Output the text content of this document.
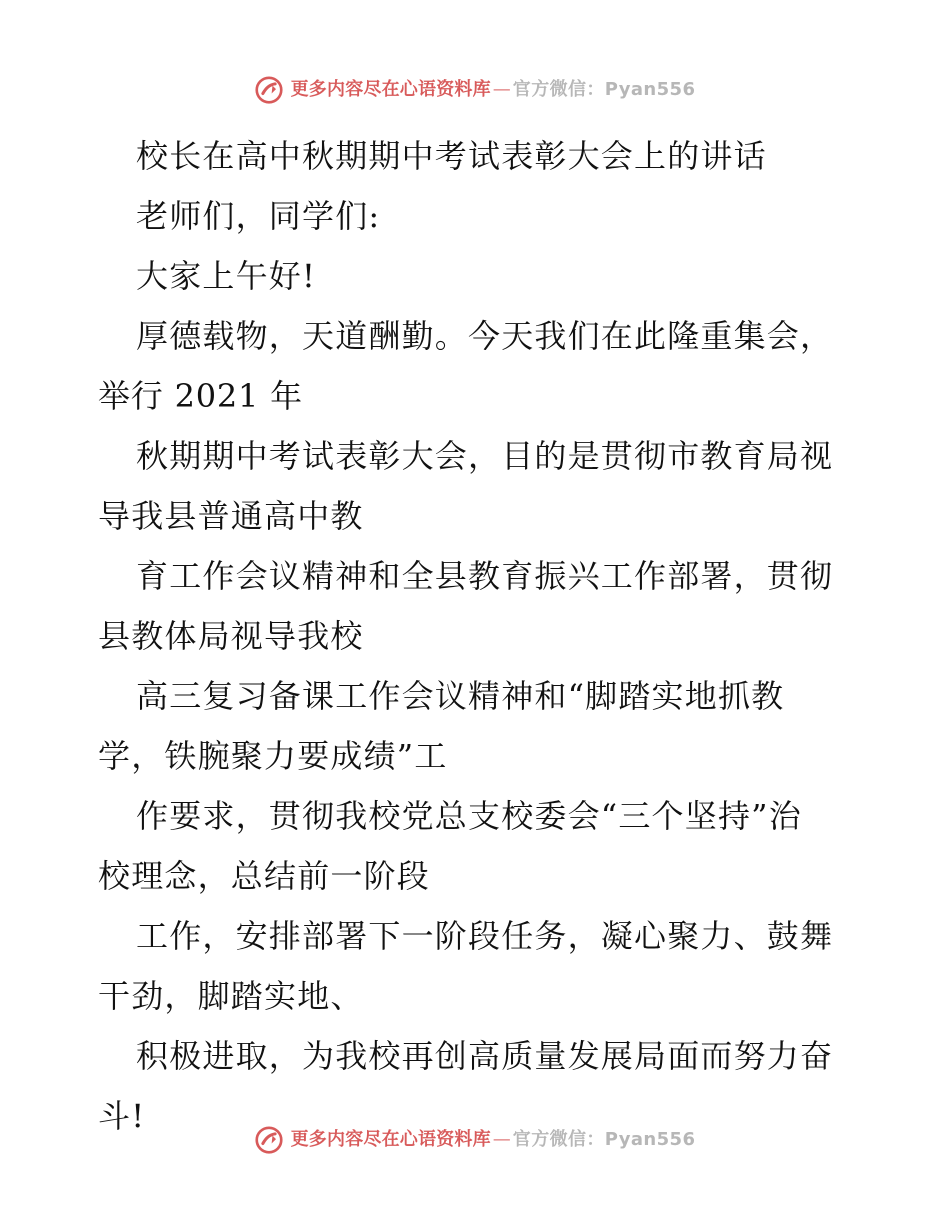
更多内容尽在心语资料库 — 官方微信：Pyan556
校长在高中秋期期中考试表彰大会上的讲话
老师们，同学们:
大家上午好!
厚德载物，天道酬勤。今天我们在此隆重集会，
举行 2021 年
秋期期中考试表彰大会，目的是贯彻市教育局视
导我县普通高中教
育工作会议精神和全县教育振兴工作部署，贯彻
县教体局视导我校
高三复习备课工作会议精神和“脚踏实地抓教
学，铁腕聚力要成绩”工
作要求，贯彻我校党总支校委会“三个坚持”治
校理念，总结前一阶段
工作，安排部署下一阶段任务，凝心聚力、鼓舞
干劲，脚踏实地、
积极进取，为我校再创高质量发展局面而努力奋
斗!
更多内容尽在心语资料库 — 官方微信：Pyan556
